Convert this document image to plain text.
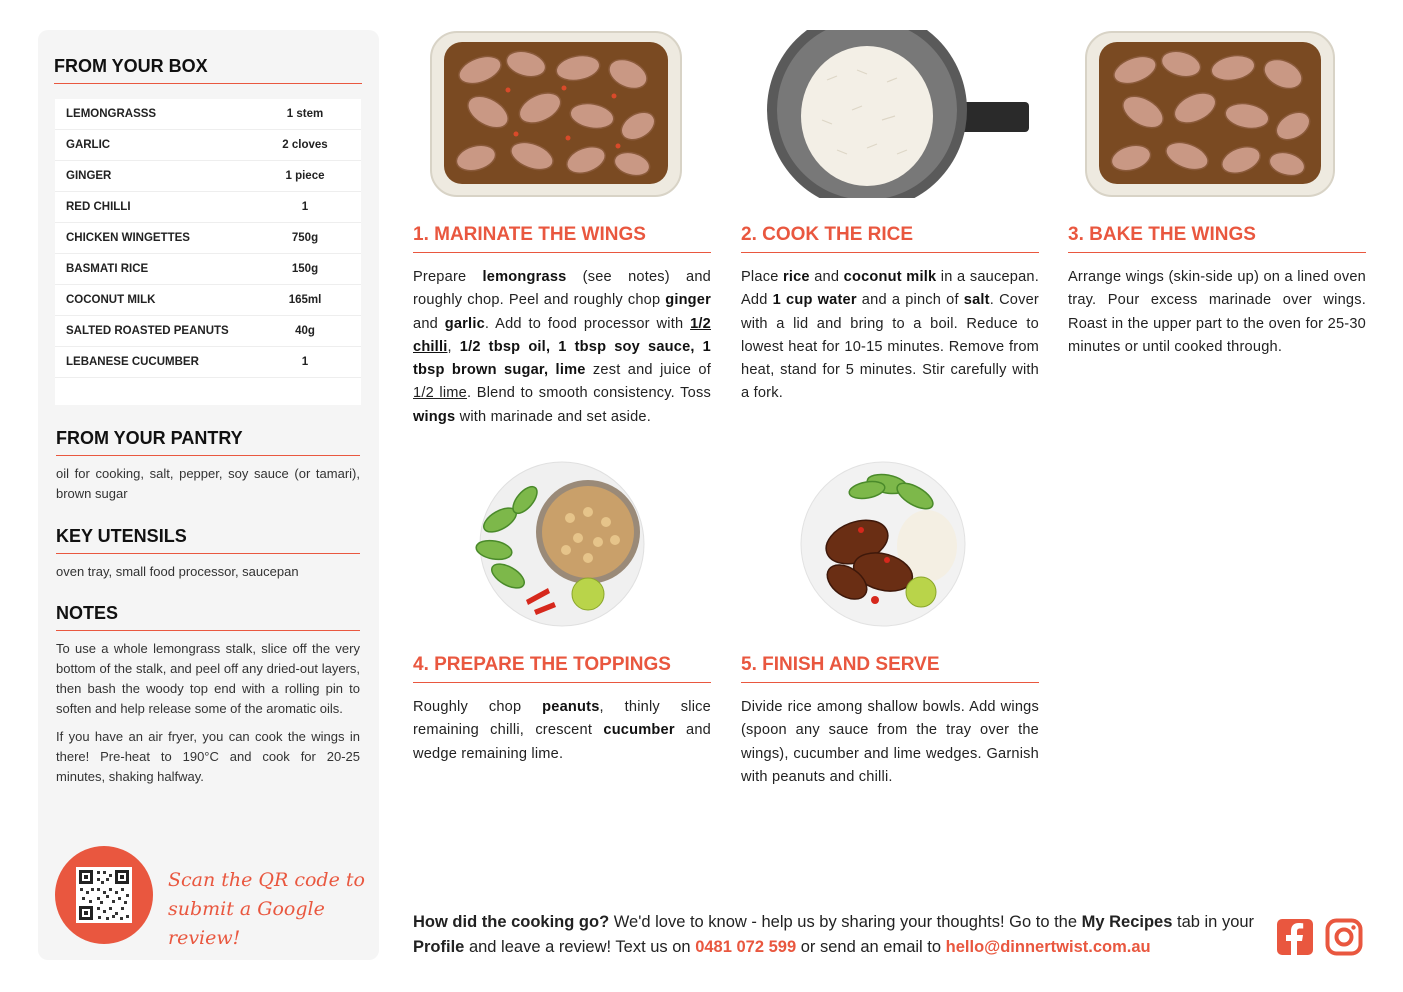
FROM YOUR BOX
LEMONGRASSS	1 stem
GARLIC	2 cloves
GINGER	1 piece
RED CHILLI	1
CHICKEN WINGETTES	750g
BASMATI RICE	150g
COCONUT MILK	165ml
SALTED ROASTED PEANUTS	40g
LEBANESE CUCUMBER	1
FROM YOUR PANTRY
oil for cooking, salt, pepper, soy sauce (or tamari), brown sugar
KEY UTENSILS
oven tray, small food processor, saucepan
NOTES

To use a whole lemongrass stalk, slice off the very bottom of the stalk, and peel off any dried-out layers, then bash the woody top end with a rolling pin to soften and help release some of the aromatic oils.

If you have an air fryer, you can cook the wings in there! Pre-heat to 190°C and cook for 20-25 minutes, shaking halfway.

Scan the QR code to
submit a Google review!
1. MARINATE THE WINGS
Prepare lemongrass (see notes) and roughly chop. Peel and roughly chop ginger and garlic. Add to food processor with 1/2 chilli, 1/2 tbsp oil, 1 tbsp soy sauce, 1 tbsp brown sugar, lime zest and juice of 1/2 lime. Blend to smooth consistency. Toss wings with marinade and set aside.
2. COOK THE RICE
Place rice and coconut milk in a saucepan. Add 1 cup water and a pinch of salt. Cover with a lid and bring to a boil. Reduce to lowest heat for 10-15 minutes. Remove from heat, stand for 5 minutes. Stir carefully with a fork.
3. BAKE THE WINGS
Arrange wings (skin-side up) on a lined oven tray. Pour excess marinade over wings. Roast in the upper part to the oven for 25-30 minutes or until cooked through.
4. PREPARE THE TOPPINGS
Roughly chop peanuts, thinly slice remaining chilli, crescent cucumber and wedge remaining lime.
5. FINISH AND SERVE
Divide rice among shallow bowls. Add wings (spoon any sauce from the tray over the wings), cucumber and lime wedges. Garnish with peanuts and chilli.
How did the cooking go? We'd love to know - help us by sharing your thoughts! Go to the My Recipes tab in your Profile and leave a review! Text us on 0481 072 599 or send an email to hello@dinnertwist.com.au
